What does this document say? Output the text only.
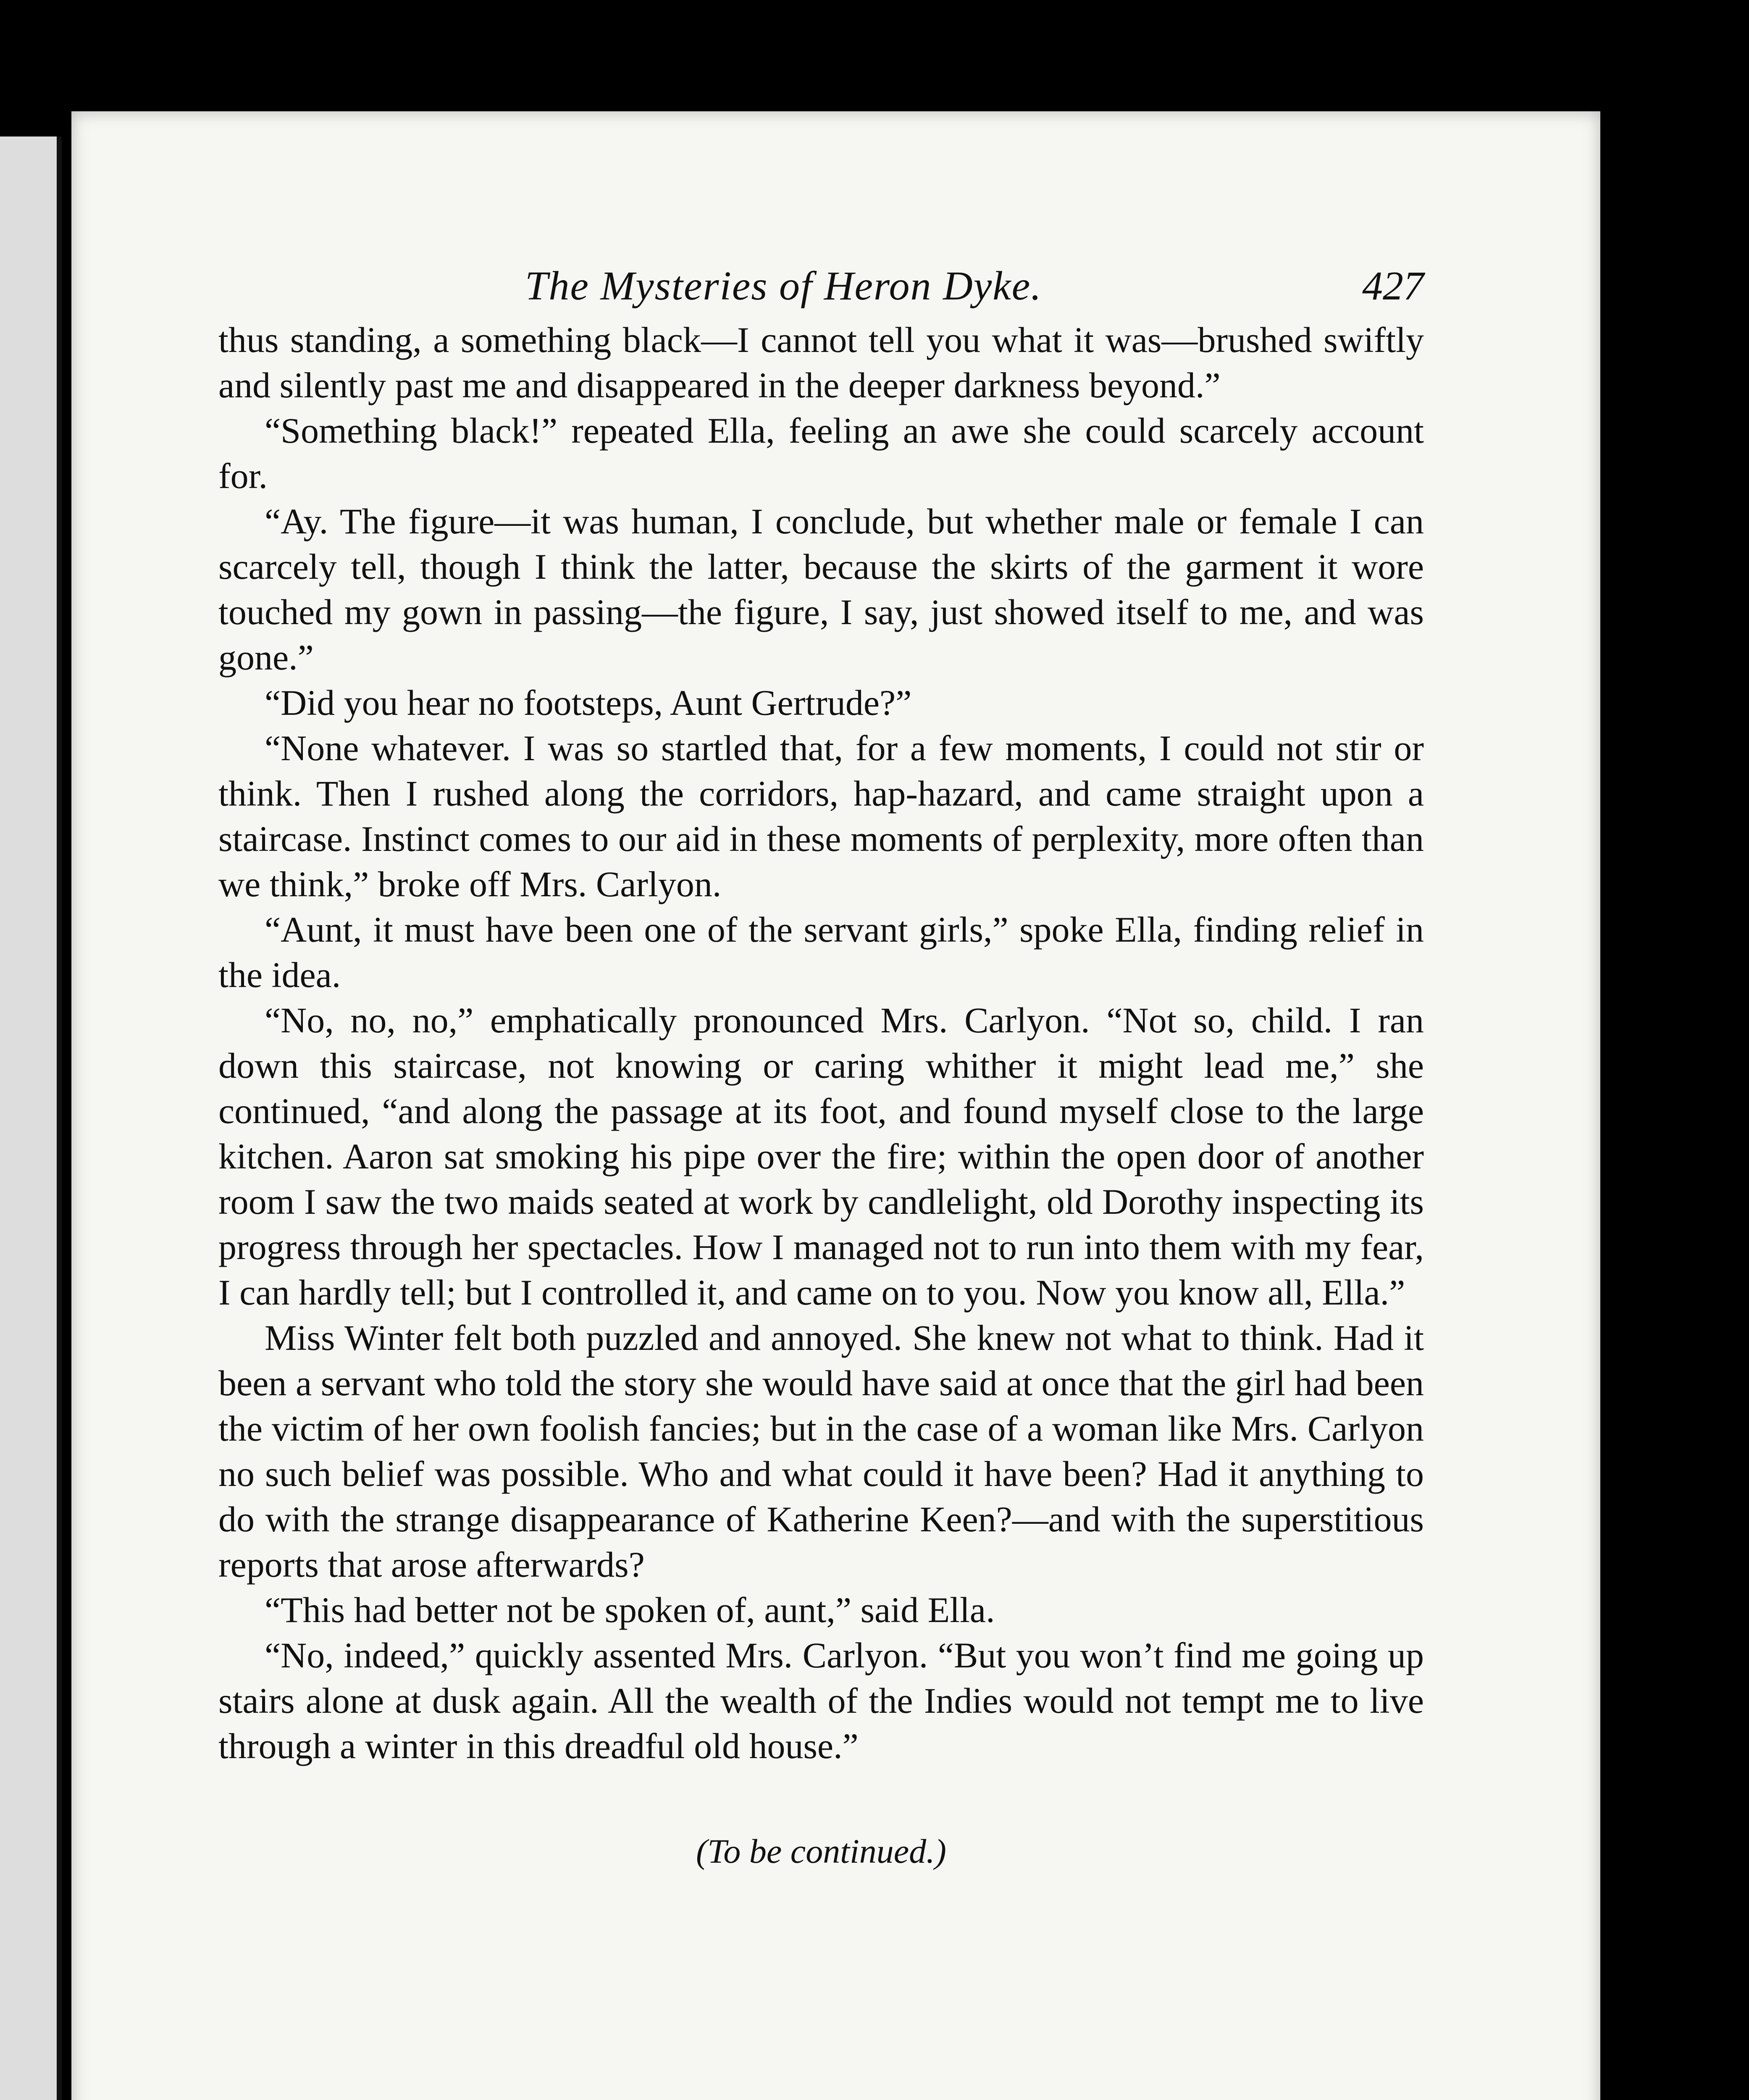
The Mysteries of Heron Dyke.	427

thus standing, a something black—I cannot tell you what it was—brushed swiftly and silently past me and disappeared in the deeper darkness beyond.”

“Something black!” repeated Ella, feeling an awe she could scarcely account for.

“Ay. The figure—it was human, I conclude, but whether male or female I can scarcely tell, though I think the latter, because the skirts of the garment it wore touched my gown in passing—the figure, I say, just showed itself to me, and was gone.”

“Did you hear no footsteps, Aunt Gertrude?”

“None whatever. I was so startled that, for a few moments, I could not stir or think. Then I rushed along the corridors, hap-hazard, and came straight upon a staircase. Instinct comes to our aid in these moments of perplexity, more often than we think,” broke off Mrs. Carlyon.

“Aunt, it must have been one of the servant girls,” spoke Ella, finding relief in the idea.

“No, no, no,” emphatically pronounced Mrs. Carlyon. “Not so, child. I ran down this staircase, not knowing or caring whither it might lead me,” she continued, “and along the passage at its foot, and found myself close to the large kitchen. Aaron sat smoking his pipe over the fire; within the open door of another room I saw the two maids seated at work by candlelight, old Dorothy inspecting its progress through her spectacles. How I managed not to run into them with my fear, I can hardly tell; but I controlled it, and came on to you. Now you know all, Ella.”

Miss Winter felt both puzzled and annoyed. She knew not what to think. Had it been a servant who told the story she would have said at once that the girl had been the victim of her own foolish fancies; but in the case of a woman like Mrs. Carlyon no such belief was possible. Who and what could it have been? Had it anything to do with the strange disappearance of Katherine Keen?—and with the superstitious reports that arose afterwards?

“This had better not be spoken of, aunt,” said Ella.

“No, indeed,” quickly assented Mrs. Carlyon. “But you won’t find me going up stairs alone at dusk again. All the wealth of the Indies would not tempt me to live through a winter in this dreadful old house.”

(To be continued.)
